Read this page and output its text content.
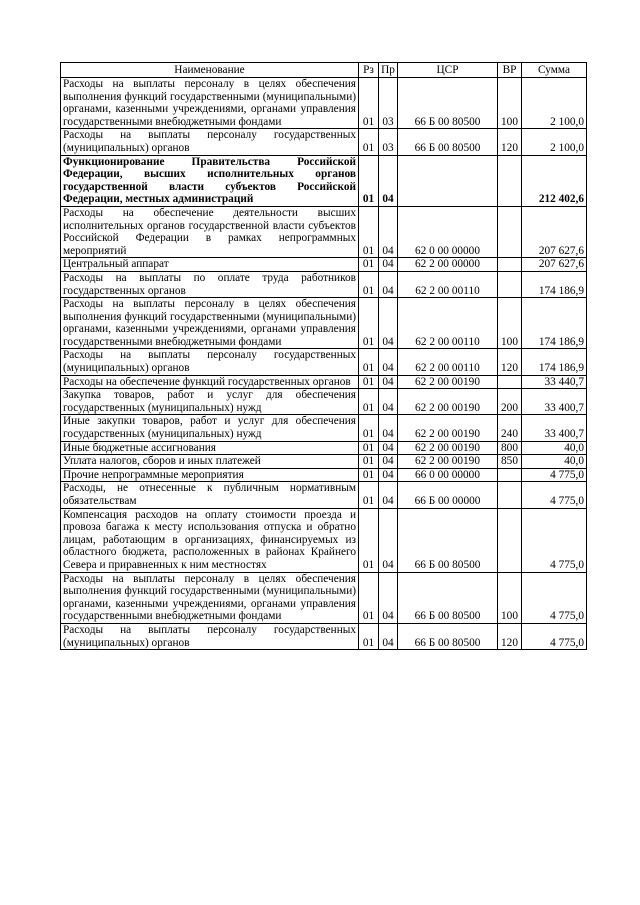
Наименование	Рз	Пр	ЦСР	ВР	Сумма
Расходы на выплаты персоналу в целях обеспечения выполнения функций государственными (муниципальными) органами, казенными учреждениями, органами управления государственными внебюджетными фондами	01	03	66 Б 00 80500	100	2 100,0
Расходы на выплаты персоналу государственных (муниципальных) органов	01	03	66 Б 00 80500	120	2 100,0
Функционирование Правительства Российской Федерации, высших исполнительных органов государственной власти субъектов Российской Федерации, местных администраций	01	04			212 402,6
Расходы на обеспечение деятельности высших исполнительных органов государственной власти субъектов Российской Федерации в рамках непрограммных мероприятий	01	04	62 0 00 00000		207 627,6
Центральный аппарат	01	04	62 2 00 00000		207 627,6
Расходы на выплаты по оплате труда работников государственных органов	01	04	62 2 00 00110		174 186,9
Расходы на выплаты персоналу в целях обеспечения выполнения функций государственными (муниципальными) органами, казенными учреждениями, органами управления государственными внебюджетными фондами	01	04	62 2 00 00110	100	174 186,9
Расходы на выплаты персоналу государственных (муниципальных) органов	01	04	62 2 00 00110	120	174 186,9
Расходы на обеспечение функций государственных органов	01	04	62 2 00 00190		33 440,7
Закупка товаров, работ и услуг для обеспечения государственных (муниципальных) нужд	01	04	62 2 00 00190	200	33 400,7
Иные закупки товаров, работ и услуг для обеспечения государственных (муниципальных) нужд	01	04	62 2 00 00190	240	33 400,7
Иные бюджетные ассигнования	01	04	62 2 00 00190	800	40,0
Уплата налогов, сборов и иных платежей	01	04	62 2 00 00190	850	40,0
Прочие непрограммные мероприятия	01	04	66 0 00 00000		4 775,0
Расходы, не отнесенные к публичным нормативным обязательствам	01	04	66 Б 00 00000		4 775,0
Компенсация расходов на оплату стоимости проезда и провоза багажа к месту использования отпуска и обратно лицам, работающим в организациях, финансируемых из областного бюджета, расположенных в районах Крайнего Севера и приравненных к ним местностях	01	04	66 Б 00 80500		4 775,0
Расходы на выплаты персоналу в целях обеспечения выполнения функций государственными (муниципальными) органами, казенными учреждениями, органами управления государственными внебюджетными фондами	01	04	66 Б 00 80500	100	4 775,0
Расходы на выплаты персоналу государственных (муниципальных) органов	01	04	66 Б 00 80500	120	4 775,0
